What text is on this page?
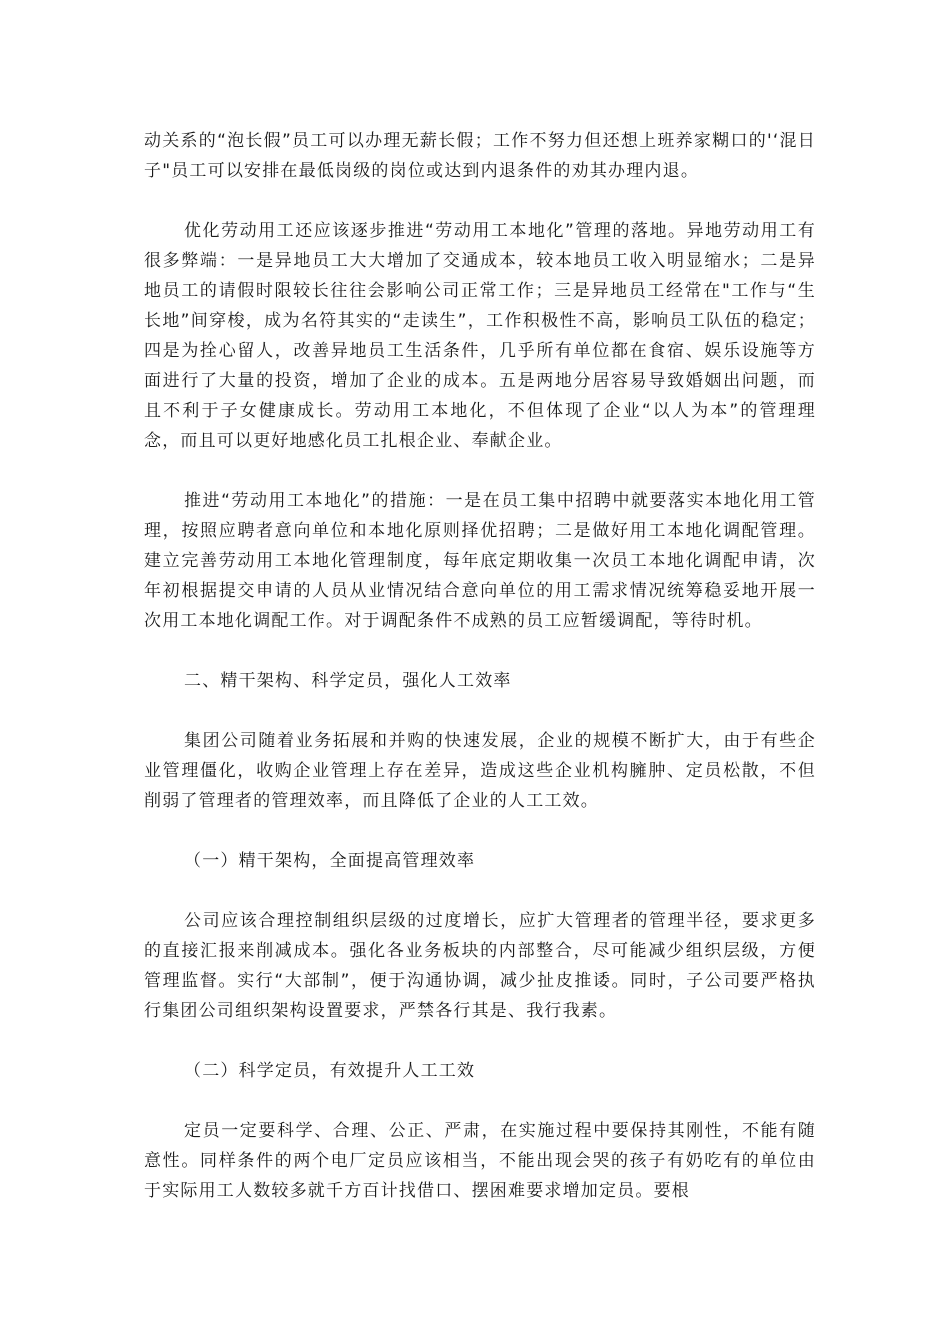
动关系的“泡长假”员工可以办理无薪长假；工作不努力但还想上班养家糊口的'‘混日子"员工可以安排在最低岗级的岗位或达到内退条件的劝其办理内退。

优化劳动用工还应该逐步推进“劳动用工本地化”管理的落地。异地劳动用工有很多弊端：一是异地员工大大增加了交通成本，较本地员工收入明显缩水；二是异地员工的请假时限较长往往会影响公司正常工作；三是异地员工经常在"工作与“生长地”间穿梭，成为名符其实的“走读生”，工作积极性不高，影响员工队伍的稳定；四是为拴心留人，改善异地员工生活条件，几乎所有单位都在食宿、娱乐设施等方面进行了大量的投资，增加了企业的成本。五是两地分居容易导致婚姻出问题，而且不利于子女健康成长。劳动用工本地化，不但体现了企业“以人为本”的管理理念，而且可以更好地感化员工扎根企业、奉献企业。

推进“劳动用工本地化”的措施：一是在员工集中招聘中就要落实本地化用工管理，按照应聘者意向单位和本地化原则择优招聘；二是做好用工本地化调配管理。建立完善劳动用工本地化管理制度，每年底定期收集一次员工本地化调配申请，次年初根据提交申请的人员从业情况结合意向单位的用工需求情况统筹稳妥地开展一次用工本地化调配工作。对于调配条件不成熟的员工应暂缓调配，等待时机。

二、精干架构、科学定员，强化人工效率

集团公司随着业务拓展和并购的快速发展，企业的规模不断扩大，由于有些企业管理僵化，收购企业管理上存在差异，造成这些企业机构臃肿、定员松散，不但削弱了管理者的管理效率，而且降低了企业的人工工效。

（一）精干架构，全面提高管理效率

公司应该合理控制组织层级的过度增长，应扩大管理者的管理半径，要求更多的直接汇报来削减成本。强化各业务板块的内部整合，尽可能减少组织层级，方便管理监督。实行“大部制”，便于沟通协调，减少扯皮推诿。同时，子公司要严格执行集团公司组织架构设置要求，严禁各行其是、我行我素。

（二）科学定员，有效提升人工工效

定员一定要科学、合理、公正、严肃，在实施过程中要保持其刚性，不能有随意性。同样条件的两个电厂定员应该相当，不能出现会哭的孩子有奶吃有的单位由于实际用工人数较多就千方百计找借口、摆困难要求增加定员。要根
